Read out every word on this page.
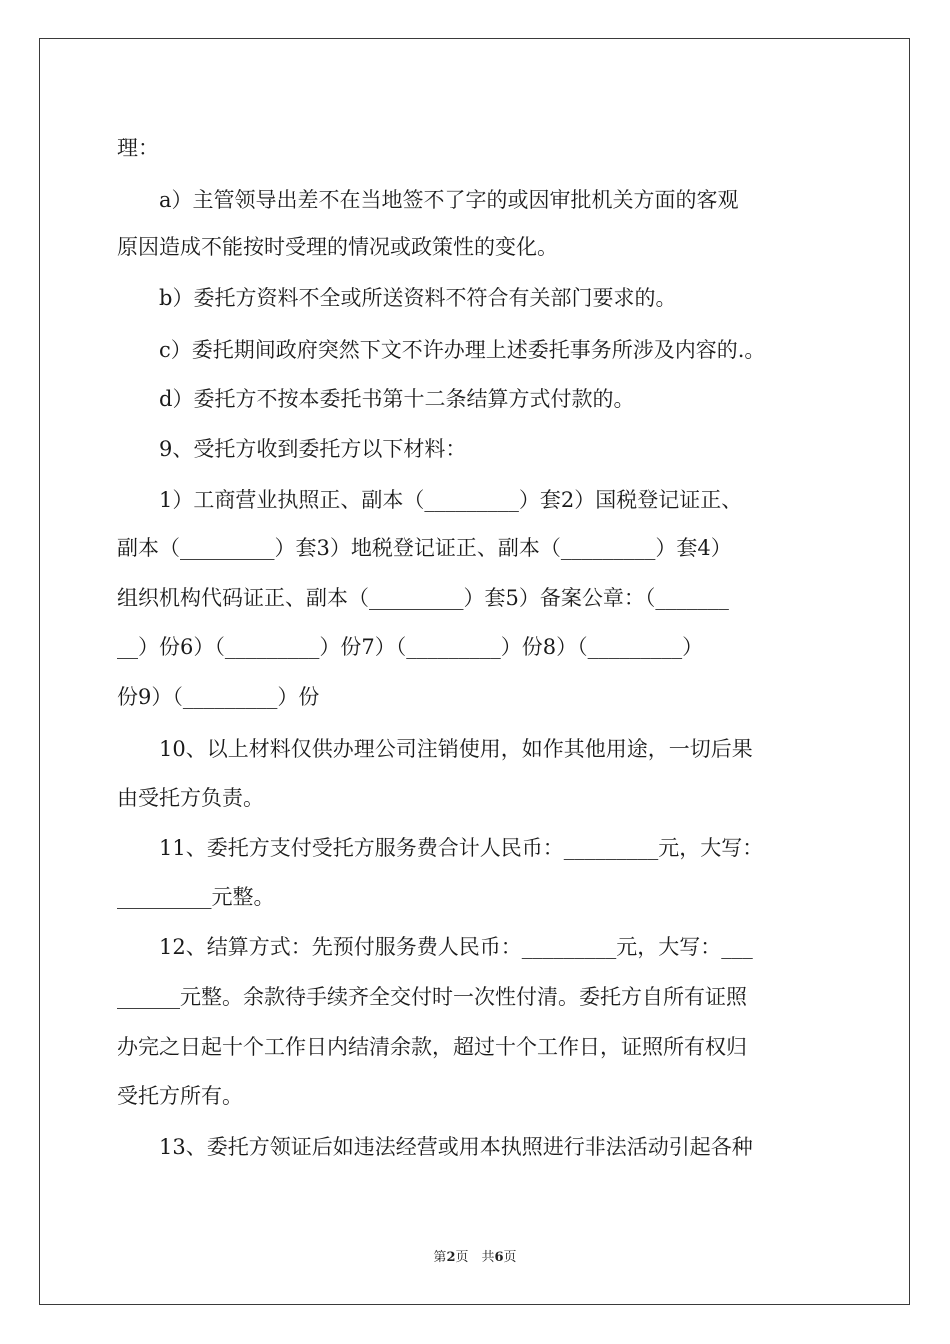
理：

　　a）主管领导出差不在当地签不了字的或因审批机关方面的客观

原因造成不能按时受理的情况或政策性的变化。

　　b）委托方资料不全或所送资料不符合有关部门要求的。

　　c）委托期间政府突然下文不许办理上述委托事务所涉及内容的.。

　　d）委托方不按本委托书第十二条结算方式付款的。

　　9、受托方收到委托方以下材料：

　　1）工商营业执照正、副本（_________）套2）国税登记证正、

副本（_________）套3）地税登记证正、副本（_________）套4）

组织机构代码证正、副本（_________）套5）备案公章：（_______

__）份6）（_________）份7）（_________）份8）（_________）

份9）（_________）份

　　10、以上材料仅供办理公司注销使用，如作其他用途，一切后果

由受托方负责。

　　11、委托方支付受托方服务费合计人民币：_________元，大写：

_________元整。

　　12、结算方式：先预付服务费人民币：_________元，大写：___

______元整。余款待手续齐全交付时一次性付清。委托方自所有证照

办完之日起十个工作日内结清余款，超过十个工作日，证照所有权归

受托方所有。

　　13、委托方领证后如违法经营或用本执照进行非法活动引起各种

第2页　共6页
